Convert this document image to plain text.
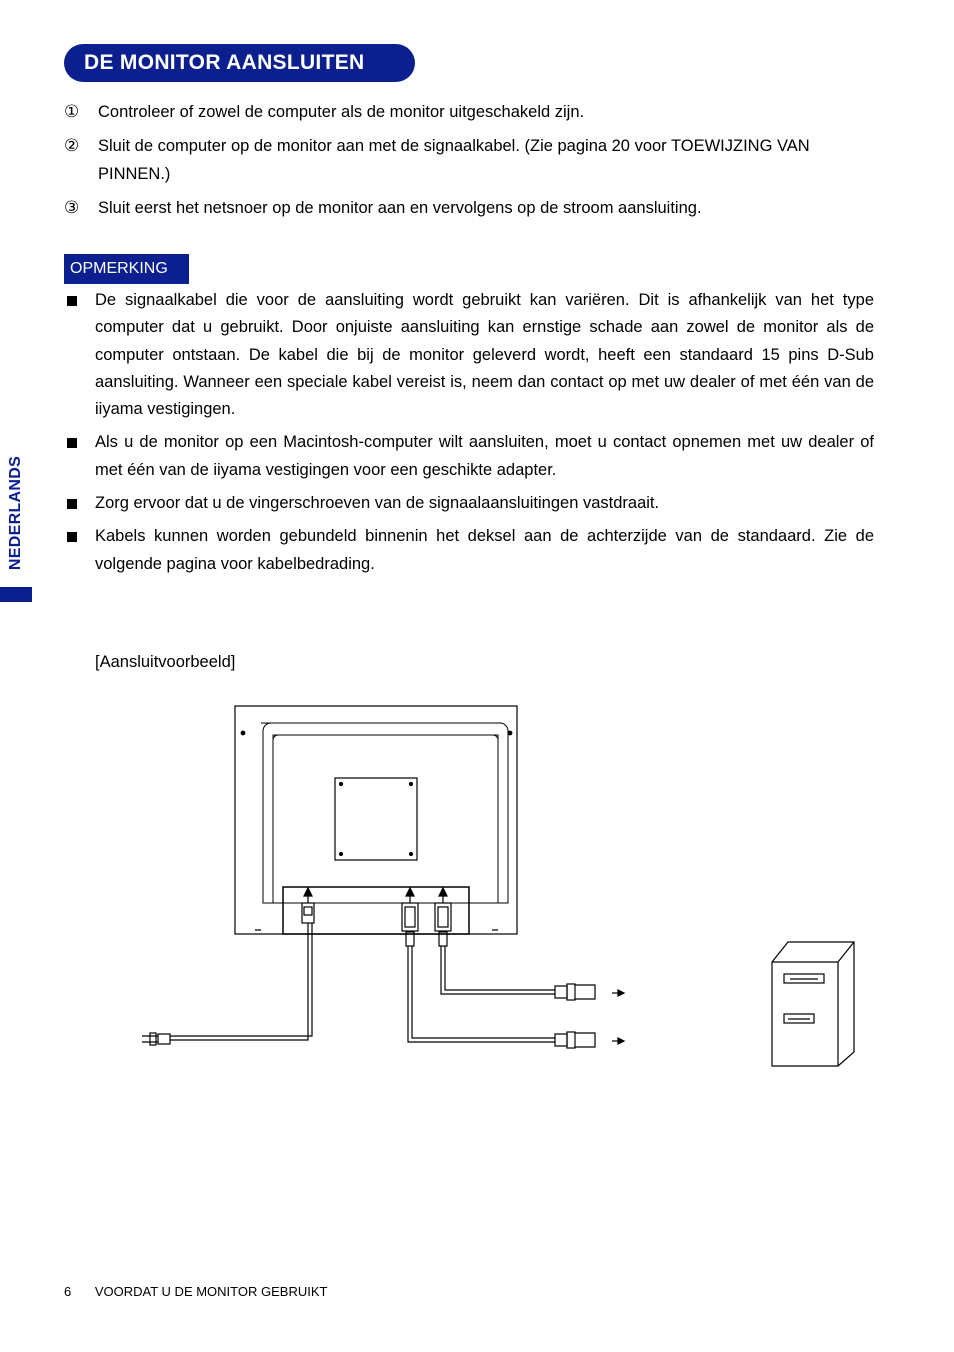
DE MONITOR AANSLUITEN
① Controleer of zowel de computer als de monitor uitgeschakeld zijn.
② Sluit de computer op de monitor aan met de signaalkabel. (Zie pagina 20 voor TOEWIJZING VAN PINNEN.)
③ Sluit eerst het netsnoer op de monitor aan en vervolgens op de stroom aansluiting.
OPMERKING
De signaalkabel die voor de aansluiting wordt gebruikt kan variëren. Dit is afhankelijk van het type computer dat u gebruikt. Door onjuiste aansluiting kan ernstige schade aan zowel de monitor als de computer ontstaan. De kabel die bij de monitor geleverd wordt, heeft een standaard 15 pins D-Sub aansluiting. Wanneer een speciale kabel vereist is, neem dan contact op met uw dealer of met één van de iiyama vestigingen.
Als u de monitor op een Macintosh-computer wilt aansluiten, moet u contact opnemen met uw dealer of met één van de iiyama vestigingen voor een geschikte adapter.
Zorg ervoor dat u de vingerschroeven van de signaalaansluitingen vastdraait.
Kabels kunnen worden gebundeld binnenin het deksel aan de achterzijde van de standaard. Zie de volgende pagina voor kabelbedrading.
NEDERLANDS
[Aansluitvoorbeeld]
6 VOORDAT U DE MONITOR GEBRUIKT
